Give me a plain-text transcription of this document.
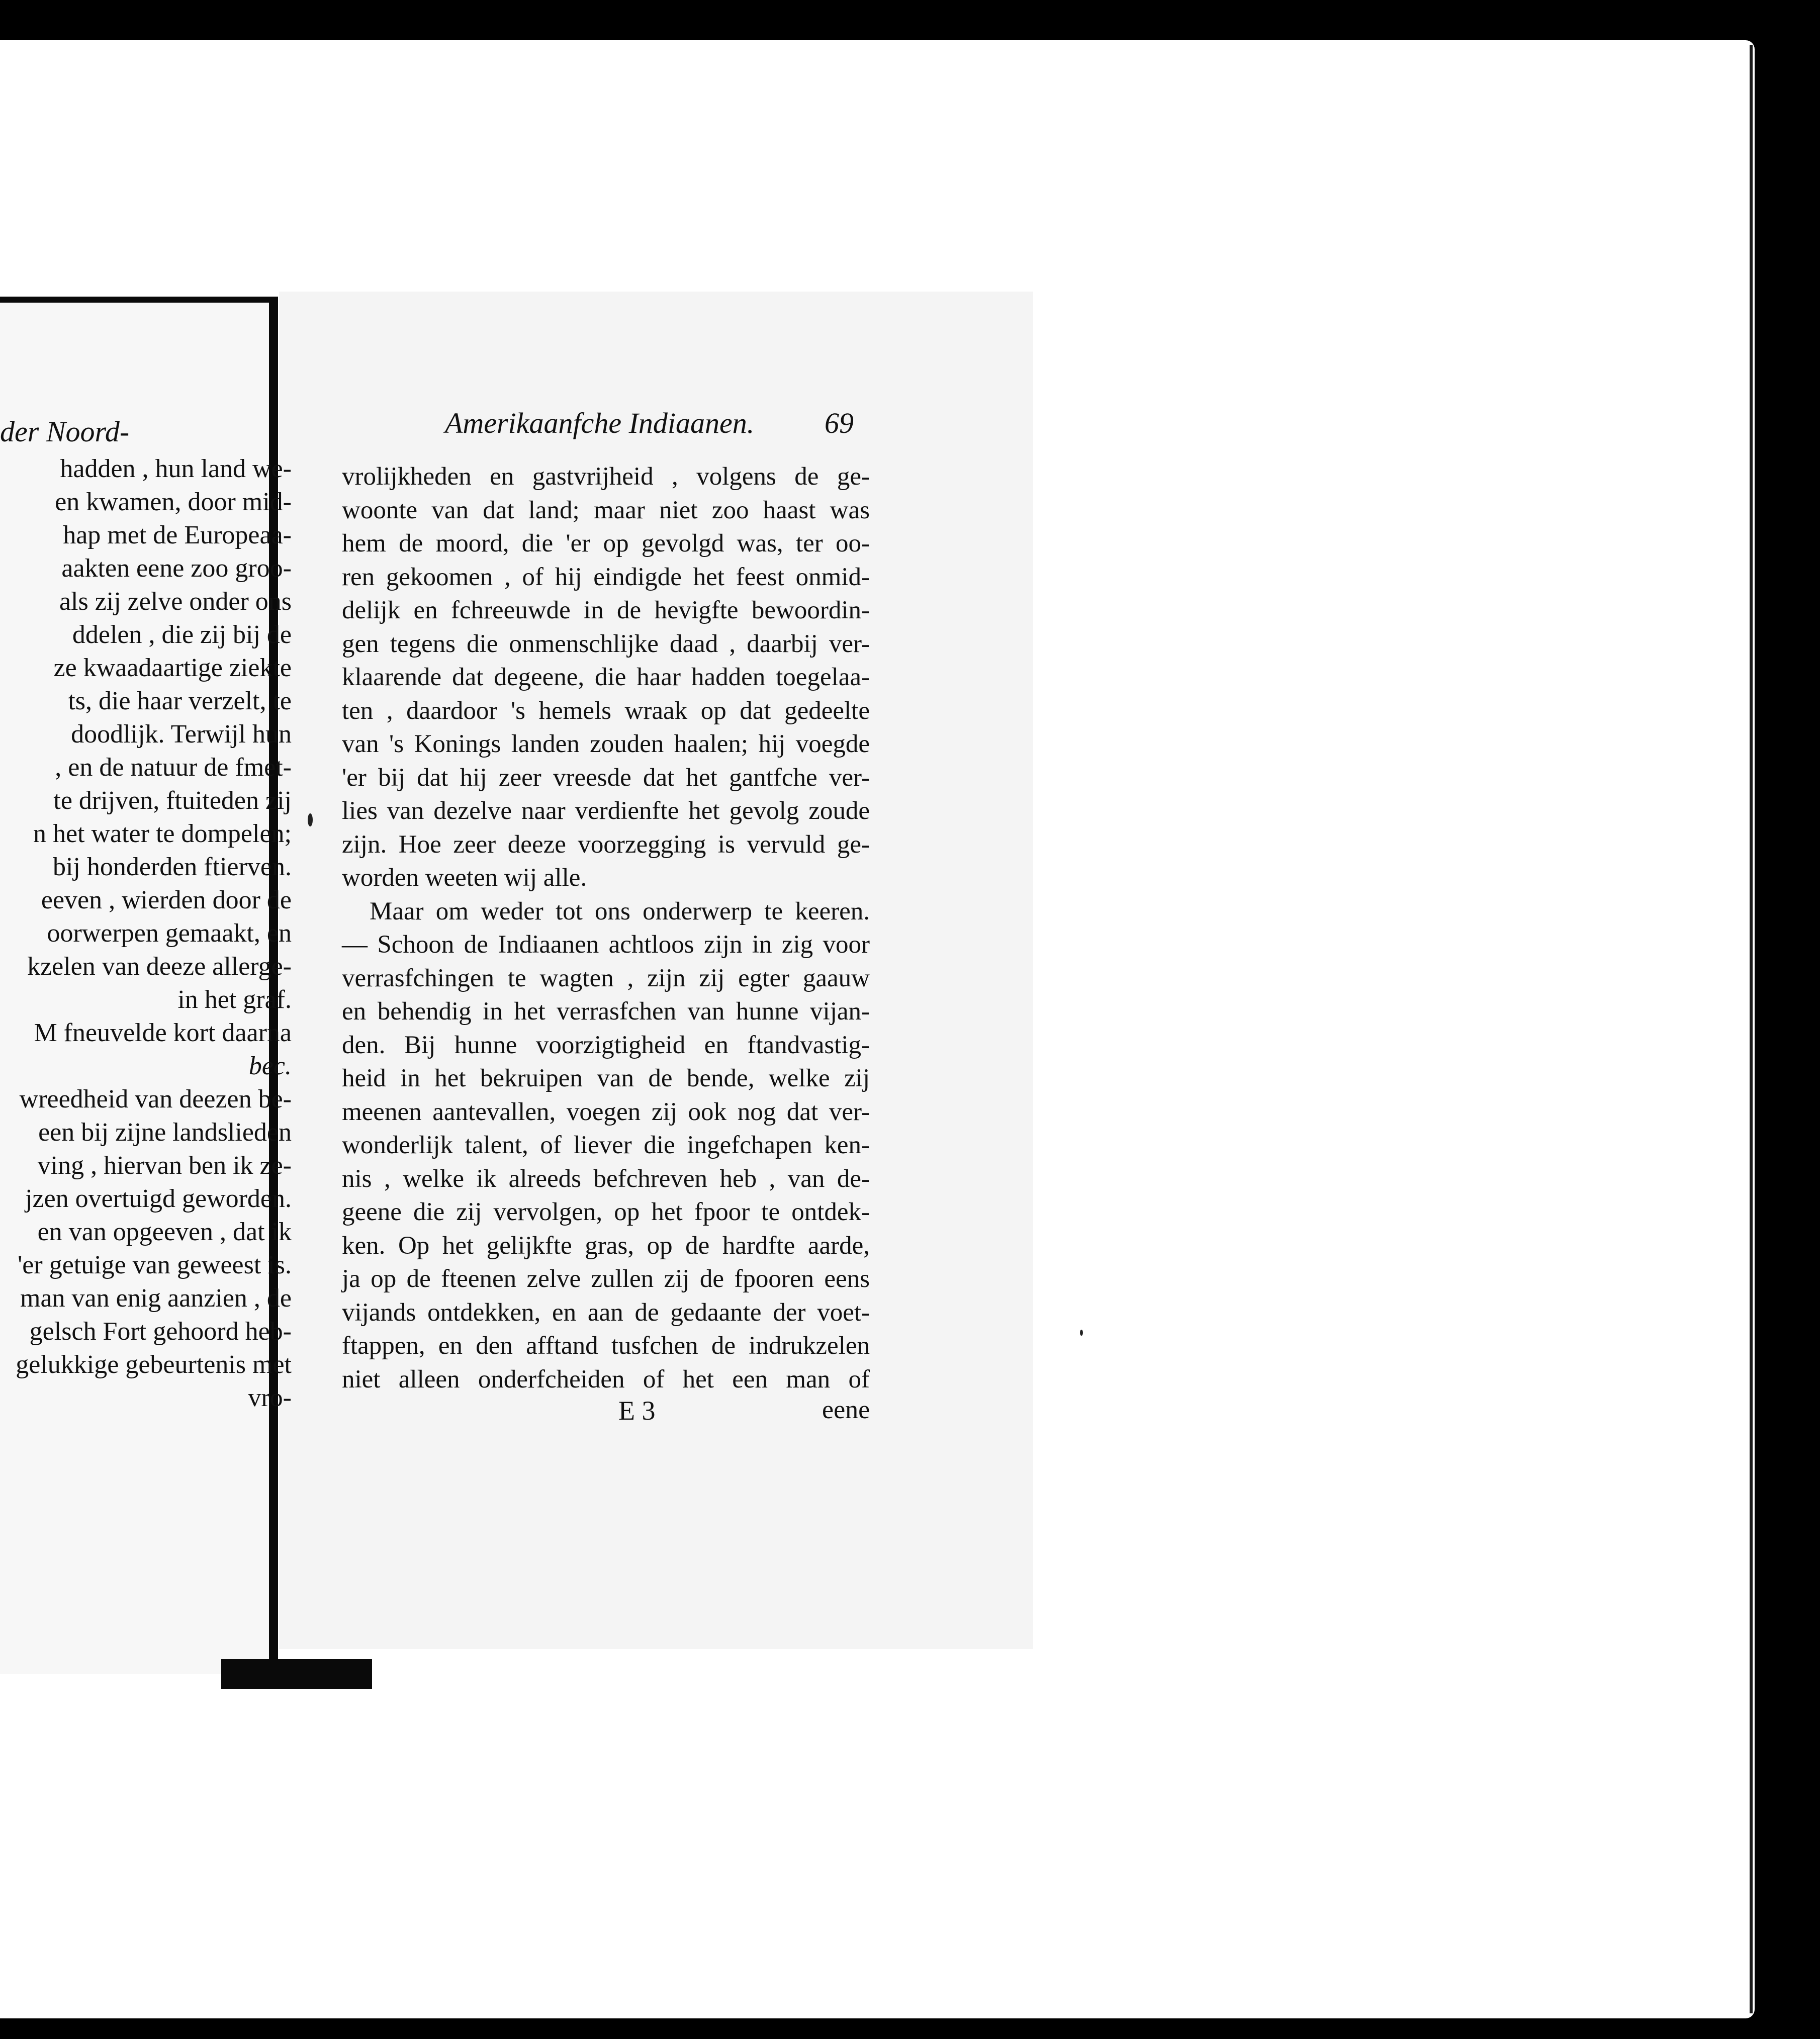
der Noord-
hadden , hun land we-
en kwamen, door mid-
hap met de Europeaa-
aakten eene zoo groo-
als zij zelve onder ons
ddelen , die zij bij de
ze kwaadaartige ziekte
ts, die haar verzelt, te
doodlijk. Terwijl hun
, en de natuur de fmet-
te drijven, ftuiteden zij
n het water te dompelen;
bij honderden ftierven.
eeven , wierden door de
oorwerpen gemaakt, en
kzelen van deeze allerge-
in het graf.
M fneuvelde kort daarna
bec.
wreedheid van deezen be-
een bij zijne landslieden
ving , hiervan ben ik ze-
jzen overtuigd geworden.
en van opgeeven , dat ik
'er getuige van geweest is.
man van enig aanzien , de
gelsch Fort gehoord heb-
gelukkige gebeurtenis met
vro-
Amerikaanfche Indiaanen. 69
vrolijkheden en gastvrijheid , volgens de ge-
woonte van dat land; maar niet zoo haast was
hem de moord, die 'er op gevolgd was, ter oo-
ren gekoomen , of hij eindigde het feest onmid-
delijk en fchreeuwde in de hevigfte bewoordin-
gen tegens die onmenschlijke daad , daarbij ver-
klaarende dat degeene, die haar hadden toegelaa-
ten , daardoor 's hemels wraak op dat gedeelte
van 's Konings landen zouden haalen; hij voegde
'er bij dat hij zeer vreesde dat het gantfche ver-
lies van dezelve naar verdienfte het gevolg zoude
zijn. Hoe zeer deeze voorzegging is vervuld ge-
worden weeten wij alle.
Maar om weder tot ons onderwerp te keeren.
— Schoon de Indiaanen achtloos zijn in zig voor
verrasfchingen te wagten , zijn zij egter gaauw
en behendig in het verrasfchen van hunne vijan-
den. Bij hunne voorzigtigheid en ftandvastig-
heid in het bekruipen van de bende, welke zij
meenen aantevallen, voegen zij ook nog dat ver-
wonderlijk talent, of liever die ingefchapen ken-
nis , welke ik alreeds befchreven heb , van de-
geene die zij vervolgen, op het fpoor te ontdek-
ken. Op het gelijkfte gras, op de hardfte aarde,
ja op de fteenen zelve zullen zij de fpooren eens
vijands ontdekken, en aan de gedaante der voet-
ftappen, en den afftand tusfchen de indrukzelen
niet alleen onderfcheiden of het een man of
E 3	eene
